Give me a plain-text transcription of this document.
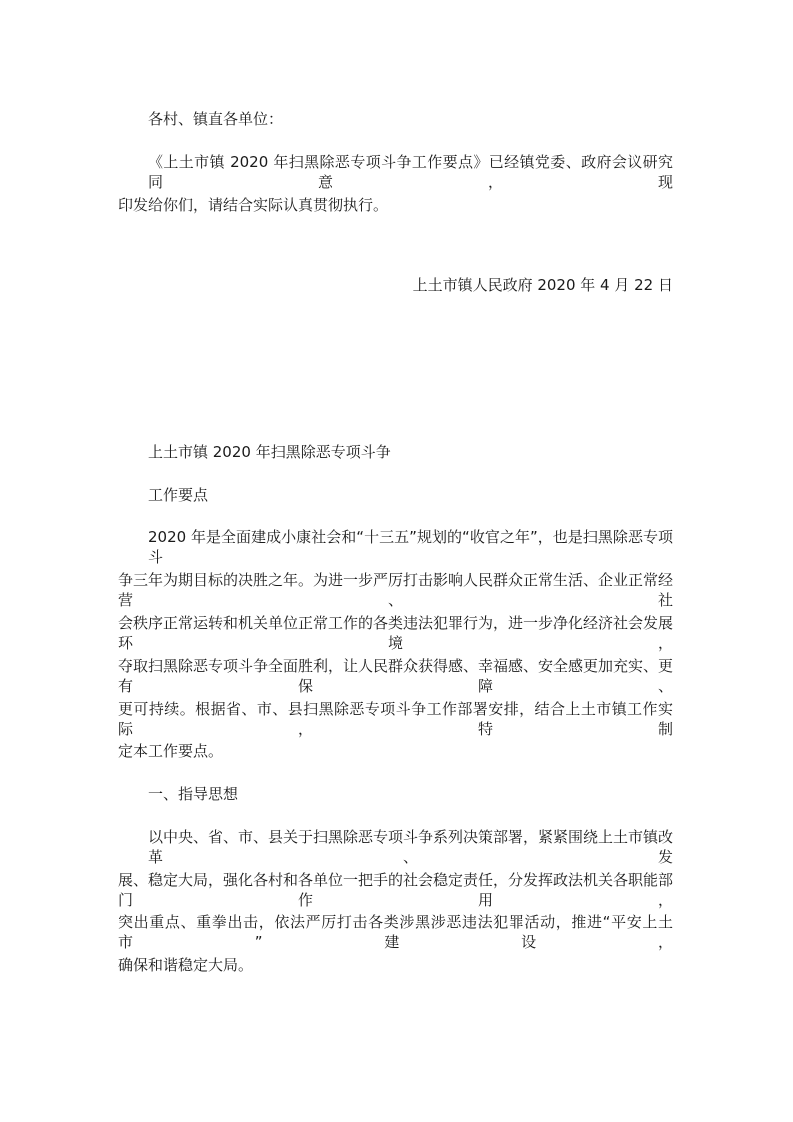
各村、镇直各单位：
《上土市镇 2020 年扫黑除恶专项斗争工作要点》已经镇党委、政府会议研究同意，现
印发给你们，请结合实际认真贯彻执行。
上土市镇人民政府 2020 年 4 月 22 日
上土市镇 2020 年扫黑除恶专项斗争
工作要点
2020 年是全面建成小康社会和“十三五”规划的“收官之年”，也是扫黑除恶专项斗
争三年为期目标的决胜之年。为进一步严厉打击影响人民群众正常生活、企业正常经营、社
会秩序正常运转和机关单位正常工作的各类违法犯罪行为，进一步净化经济社会发展环境，
夺取扫黑除恶专项斗争全面胜利，让人民群众获得感、幸福感、安全感更加充实、更有保障、
更可持续。根据省、市、县扫黑除恶专项斗争工作部署安排，结合上土市镇工作实际，特制
定本工作要点。
一、指导思想
以中央、省、市、县关于扫黑除恶专项斗争系列决策部署，紧紧围绕上土市镇改革、发
展、稳定大局，强化各村和各单位一把手的社会稳定责任，分发挥政法机关各职能部门作用，
突出重点、重拳出击，依法严厉打击各类涉黑涉恶违法犯罪活动，推进“平安上土市”建设，
确保和谐稳定大局。
